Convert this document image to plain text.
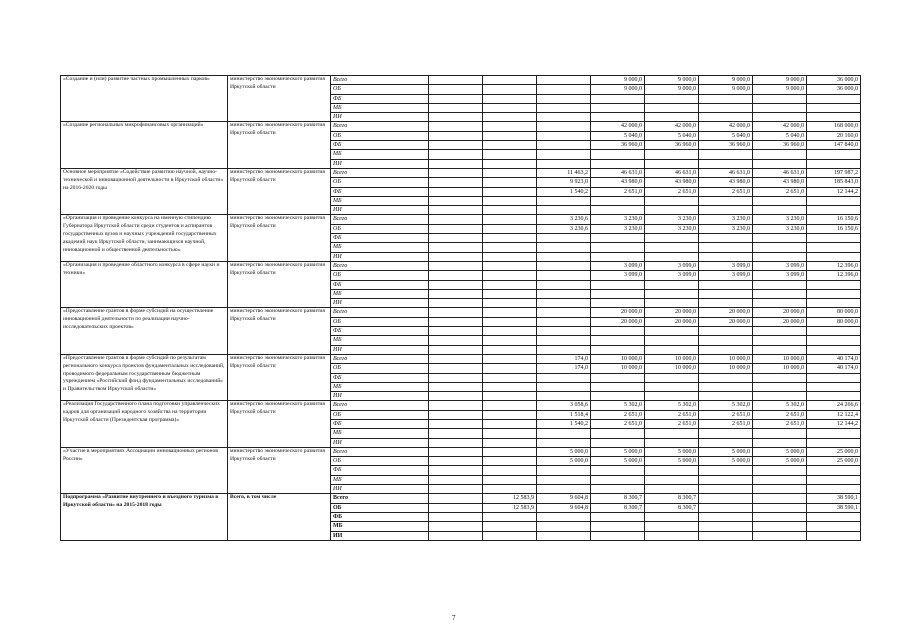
«Создание и (или) развитие частных промышленных парков»	министерство экономического развития Иркутской области	Всего				9 000,0	9 000,0	9 000,0	9 000,0	36 000,0
		ОБ				9 000,0	9 000,0	9 000,0	9 000,0	36 000,0
		ФБ								
		МБ								
		ИИ								
«Создание региональных микрофинансовых организаций»	министерство экономического развития Иркутской области	Всего				42 000,0	42 000,0	42 000,0	42 000,0	168 000,0
		ОБ				5 040,0	5 040,0	5 040,0	5 040,0	20 160,0
		ФБ				36 960,0	36 960,0	36 960,0	36 960,0	147 840,0
		МБ								
		ИИ								
Основное мероприятие «Содействие развитию научной, научно-технической и инновационной деятельности в Иркутской области» на 2016-2020 годы	министерство экономического развития Иркутской области	Всего			11 463,2	46 631,0	46 631,0	46 631,0	46 631,0	197 987,2
		ОБ			9 923,0	43 980,0	43 980,0	43 980,0	43 980,0	185 843,0
		ФБ			1 540,2	2 651,0	2 651,0	2 651,0	2 651,0	12 144,2
		МБ								
		ИИ								
«Организация и проведение конкурса на именную стипендию Губернатора Иркутской области среди студентов и аспирантов государственных вузов и научных учреждений государственных академий наук Иркутской области, занимающихся научной, инновационной и общественной деятельностью»	министерство экономического развития Иркутской области	Всего			3 230,6	3 230,0	3 230,0	3 230,0	3 230,0	16 150,6
		ОБ			3 230,6	3 230,0	3 230,0	3 230,0	3 230,0	16 150,6
		ФБ								
		МБ								
		ИИ								
«Организация и проведение областного конкурса в сфере науки и техники»	министерство экономического развития Иркутской области	Всего				3 099,0	3 099,0	3 099,0	3 099,0	12 396,0
		ОБ				3 099,0	3 099,0	3 099,0	3 099,0	12 396,0
		ФБ								
		МБ								
		ИИ								
«Предоставление грантов в форме субсидий на осуществление инновационной деятельности по реализации научно-исследовательских проектов»	министерство экономического развития Иркутской области	Всего				20 000,0	20 000,0	20 000,0	20 000,0	80 000,0
		ОБ				20 000,0	20 000,0	20 000,0	20 000,0	80 000,0
		ФБ								
		МБ								
		ИИ								
«Предоставление грантов в форме субсидий по результатам регионального конкурса проектов фундаментальных исследований, проводимого федеральным государственным бюджетным учреждением «Российский фонд фундаментальных исследований» и Правительством Иркутской области»	министерство экономического развития Иркутской области	Всего			174,0	10 000,0	10 000,0	10 000,0	10 000,0	40 174,0
		ОБ			174,0	10 000,0	10 000,0	10 000,0	10 000,0	40 174,0
		ФБ								
		МБ								
		ИИ								
«Реализация Государственного плана подготовки управленческих кадров для организаций народного хозяйства на территории Иркутской области (Президентская программа)»	министерство экономического развития Иркутской области	Всего			3 058,6	5 302,0	5 302,0	5 302,0	5 302,0	24 266,6
		ОБ			1 518,4	2 651,0	2 651,0	2 651,0	2 651,0	12 122,4
		ФБ			1 540,2	2 651,0	2 651,0	2 651,0	2 651,0	12 144,2
		МБ								
		ИИ								
«Участие в мероприятиях Ассоциации инновационных регионов России»	министерство экономического развития Иркутской области	Всего			5 000,0	5 000,0	5 000,0	5 000,0	5 000,0	25 000,0
		ОБ			5 000,0	5 000,0	5 000,0	5 000,0	5 000,0	25 000,0
		ФБ								
		МБ								
		ИИ								
Подпрограмма «Развитие внутреннего и въездного туризма в Иркутской области» на 2015-2018 годы	Всего, в том числе	Всего		12 583,9	9 604,8	8 300,7	8 300,7			38 590,1
		ОБ		12 583,9	9 604,8	8 300,7	8 300,7			38 590,1
		ФБ								
		МБ								
		ИИ								
7
